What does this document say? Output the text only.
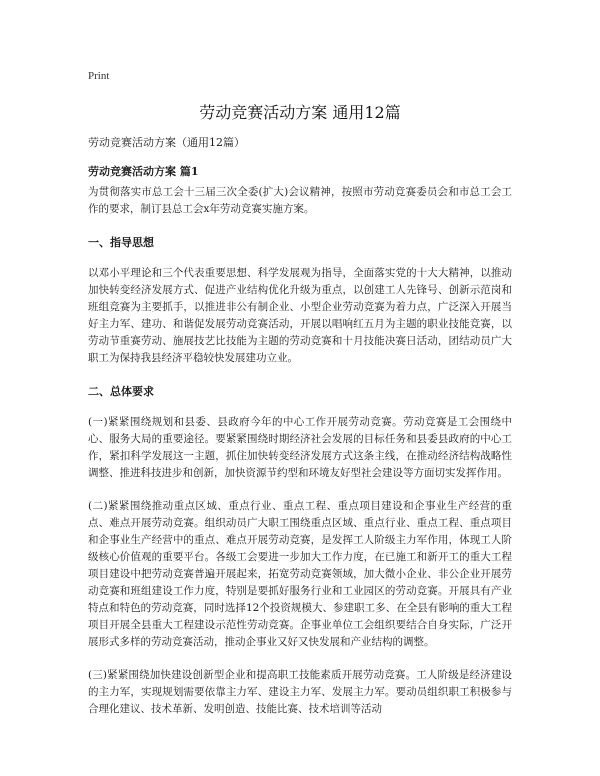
Print
劳动竞赛活动方案 通用12篇

劳动竞赛活动方案（通用12篇）

劳动竞赛活动方案 篇1

为贯彻落实市总工会十三届三次全委(扩大)会议精神，按照市劳动竞赛委员会和市总工会工作的要求，制订县总工会x年劳动竞赛实施方案。

一、指导思想

以邓小平理论和三个代表重要思想、科学发展观为指导，全面落实党的十大大精神，以推动加快转变经济发展方式、促进产业结构优化升级为重点，以创建工人先锋号、创新示范岗和班组竞赛为主要抓手，以推进非公有制企业、小型企业劳动竞赛为着力点，广泛深入开展当好主力军、建功、和谐促发展劳动竞赛活动，开展以唱响红五月为主题的职业技能竞赛，以劳动节重赛劳动、施展技艺比技能为主题的劳动竞赛和十月技能决赛日活动，团结动员广大职工为保持我县经济平稳较快发展建功立业。

二、总体要求

(一)紧紧围绕规划和县委、县政府今年的中心工作开展劳动竞赛。劳动竞赛是工会围绕中心、服务大局的重要途径。要紧紧围绕时期经济社会发展的目标任务和县委县政府的中心工作，紧扣科学发展这一主题，抓住加快转变经济发展方式这条主线，在推动经济结构战略性调整、推进科技进步和创新，加快资源节约型和环境友好型社会建设等方面切实发挥作用。

(二)紧紧围绕推动重点区域、重点行业、重点工程、重点项目建设和企事业生产经营的重点、难点开展劳动竞赛。组织动员广大职工围绕重点区域、重点行业、重点工程、重点项目和企事业生产经营中的重点、难点开展劳动竞赛，是发挥工人阶级主力军作用，体现工人阶级核心价值观的重要平台。各级工会要进一步加大工作力度，在已施工和新开工的重大工程项目建设中把劳动竞赛普遍开展起来，拓宽劳动竞赛领域，加大微小企业、非公企业开展劳动竞赛和班组建设工作力度，特别是要抓好服务行业和工业园区的劳动竞赛。开展具有产业特点和特色的劳动竞赛，同时选择12个投资规模大、参建职工多、在全县有影响的重大工程项目开展全县重大工程建设示范性劳动竞赛。企事业单位工会组织要结合自身实际，广泛开展形式多样的劳动竞赛活动，推动企事业又好又快发展和产业结构的调整。

(三)紧紧围绕加快建设创新型企业和提高职工技能素质开展劳动竞赛。工人阶级是经济建设的主力军，实现规划需要依靠主力军、建设主力军、发展主力军。要动员组织职工积极参与合理化建议、技术革新、发明创造、技能比赛、技术培训等活动
